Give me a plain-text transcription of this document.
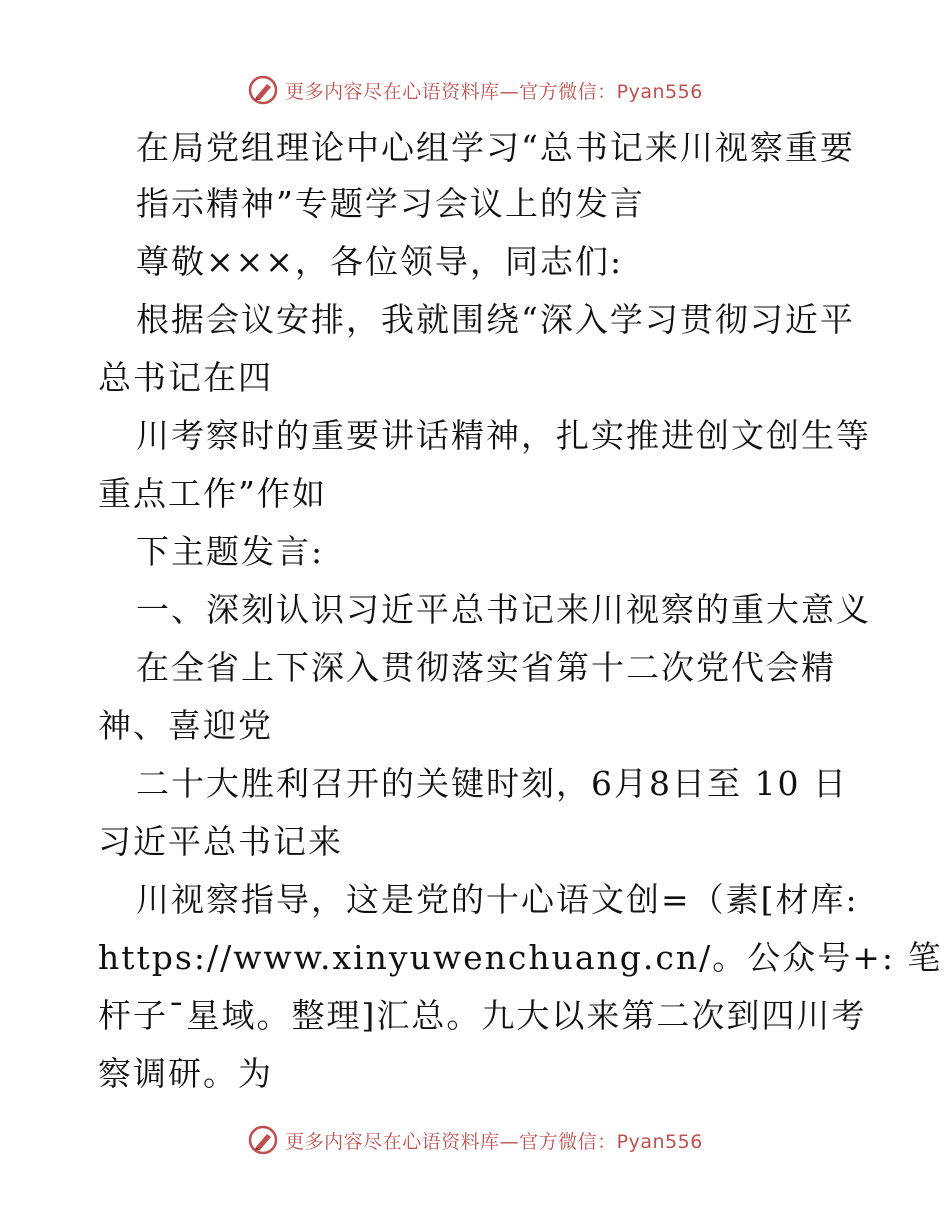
更多内容尽在心语资料库—官方微信：Pyan556
在局党组理论中心组学习“总书记来川视察重要
指示精神”专题学习会议上的发言
尊敬×××，各位领导，同志们:
根据会议安排，我就围绕“深入学习贯彻习近平
总书记在四
川考察时的重要讲话精神，扎实推进创文创生等
重点工作”作如
下主题发言:
一、深刻认识习近平总书记来川视察的重大意义
在全省上下深入贯彻落实省第十二次党代会精
神、喜迎党
二十大胜利召开的关键时刻，6月8日至 10 日
习近平总书记来
川视察指导，这是党的十心语文创=（素[材库:
https://www.xinyuwenchuang.cn/。公众号+: 笔
杆子¯星域。整理]汇总。九大以来第二次到四川考
察调研。为
更多内容尽在心语资料库—官方微信：Pyan556
